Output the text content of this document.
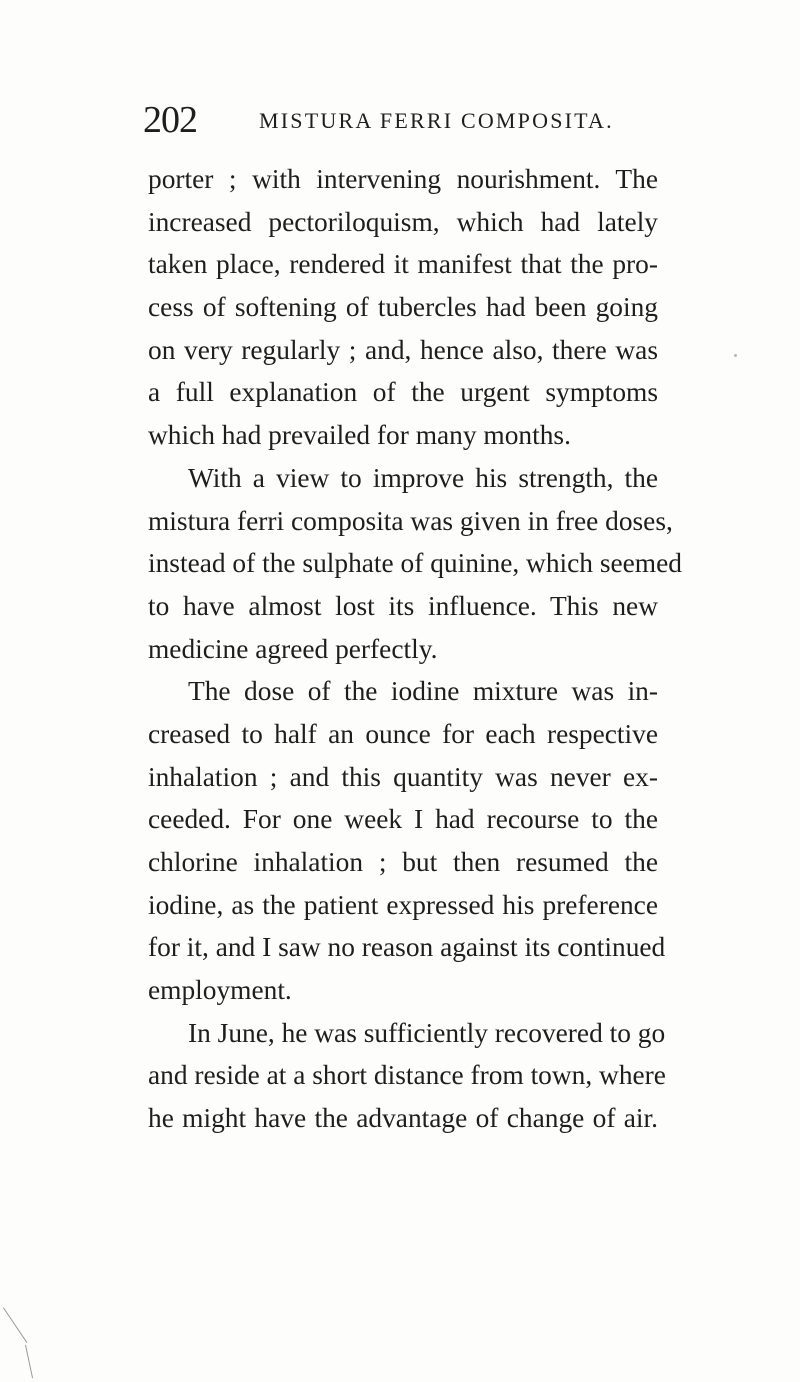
202	MISTURA FERRI COMPOSITA.
porter ; with intervening nourishment. The
increased pectoriloquism, which had lately
taken place, rendered it manifest that the pro-
cess of softening of tubercles had been going
on very regularly ; and, hence also, there was
a full explanation of the urgent symptoms
which had prevailed for many months.
With a view to improve his strength, the
mistura ferri composita was given in free doses,
instead of the sulphate of quinine, which seemed
to have almost lost its influence. This new
medicine agreed perfectly.
The dose of the iodine mixture was in-
creased to half an ounce for each respective
inhalation ; and this quantity was never ex-
ceeded. For one week I had recourse to the
chlorine inhalation ; but then resumed the
iodine, as the patient expressed his preference
for it, and I saw no reason against its continued
employment.
In June, he was sufficiently recovered to go
and reside at a short distance from town, where
he might have the advantage of change of air.
